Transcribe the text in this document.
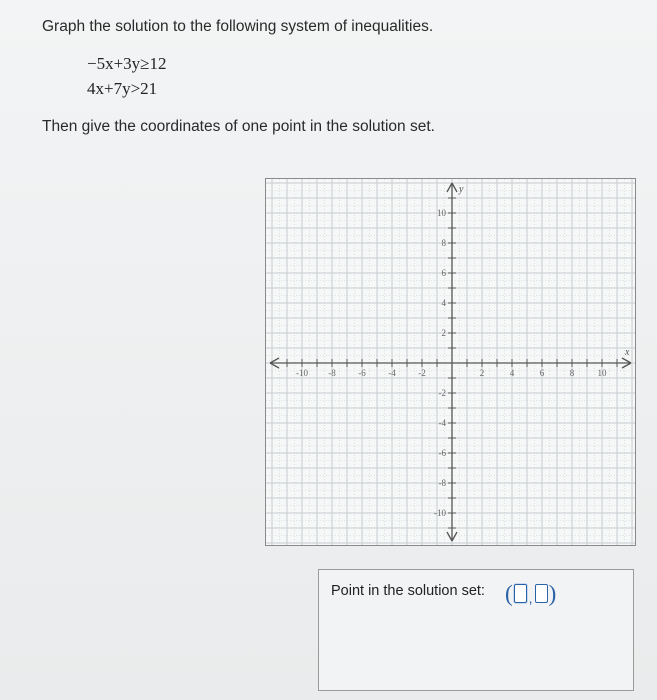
Graph the solution to the following system of inequalities.
−5x+3y≥12
4x+7y>21
Then give the coordinates of one point in the solution set.
-10 -8	-6	-4	-2	2	4	6	8	10
10
8
6
4
2
-2
-4
-6
-8
-10
x
y
Point in the solution set: ( , )
